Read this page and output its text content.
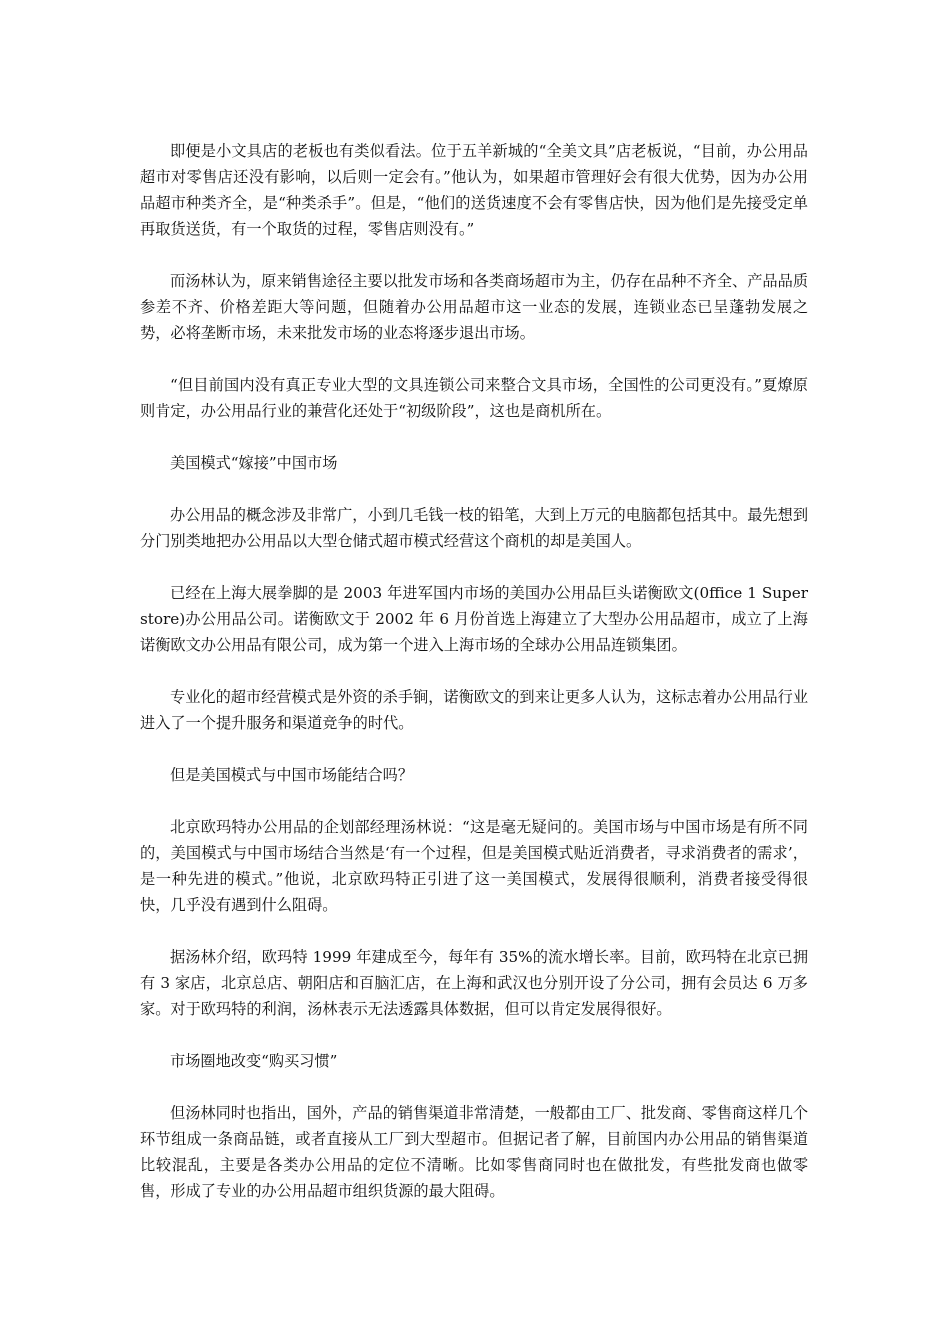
即便是小文具店的老板也有类似看法。位于五羊新城的“全美文具”店老板说，“目前，办公用品超市对零售店还没有影响，以后则一定会有。”他认为，如果超市管理好会有很大优势，因为办公用品超市种类齐全，是“种类杀手”。但是，“他们的送货速度不会有零售店快，因为他们是先接受定单再取货送货，有一个取货的过程，零售店则没有。”

而汤林认为，原来销售途径主要以批发市场和各类商场超市为主，仍存在品种不齐全、产品品质参差不齐、价格差距大等问题，但随着办公用品超市这一业态的发展，连锁业态已呈蓬勃发展之势，必将垄断市场，未来批发市场的业态将逐步退出市场。

“但目前国内没有真正专业大型的文具连锁公司来整合文具市场，全国性的公司更没有。”夏燎原则肯定，办公用品行业的兼营化还处于“初级阶段”，这也是商机所在。

美国模式“嫁接”中国市场

办公用品的概念涉及非常广，小到几毛钱一枝的铅笔，大到上万元的电脑都包括其中。最先想到分门别类地把办公用品以大型仓储式超市模式经营这个商机的却是美国人。

已经在上海大展拳脚的是 2003 年进军国内市场的美国办公用品巨头诺衡欧文(0ffice 1 Superstore)办公用品公司。诺衡欧文于 2002 年 6 月份首选上海建立了大型办公用品超市，成立了上海诺衡欧文办公用品有限公司，成为第一个进入上海市场的全球办公用品连锁集团。

专业化的超市经营模式是外资的杀手锏，诺衡欧文的到来让更多人认为，这标志着办公用品行业进入了一个提升服务和渠道竞争的时代。

但是美国模式与中国市场能结合吗？

北京欧玛特办公用品的企划部经理汤林说：“这是毫无疑问的。美国市场与中国市场是有所不同的，美国模式与中国市场结合当然是‘有一个过程，但是美国模式贴近消费者，寻求消费者的需求’，是一种先进的模式。”他说，北京欧玛特正引进了这一美国模式，发展得很顺利，消费者接受得很快，几乎没有遇到什么阻碍。

据汤林介绍，欧玛特 1999 年建成至今，每年有 35%的流水增长率。目前，欧玛特在北京已拥有 3 家店，北京总店、朝阳店和百脑汇店，在上海和武汉也分别开设了分公司，拥有会员达 6 万多家。对于欧玛特的利润，汤林表示无法透露具体数据，但可以肯定发展得很好。

市场圈地改变“购买习惯”

但汤林同时也指出，国外，产品的销售渠道非常清楚，一般都由工厂、批发商、零售商这样几个环节组成一条商品链，或者直接从工厂到大型超市。但据记者了解，目前国内办公用品的销售渠道比较混乱，主要是各类办公用品的定位不清晰。比如零售商同时也在做批发，有些批发商也做零售，形成了专业的办公用品超市组织货源的最大阻碍。
